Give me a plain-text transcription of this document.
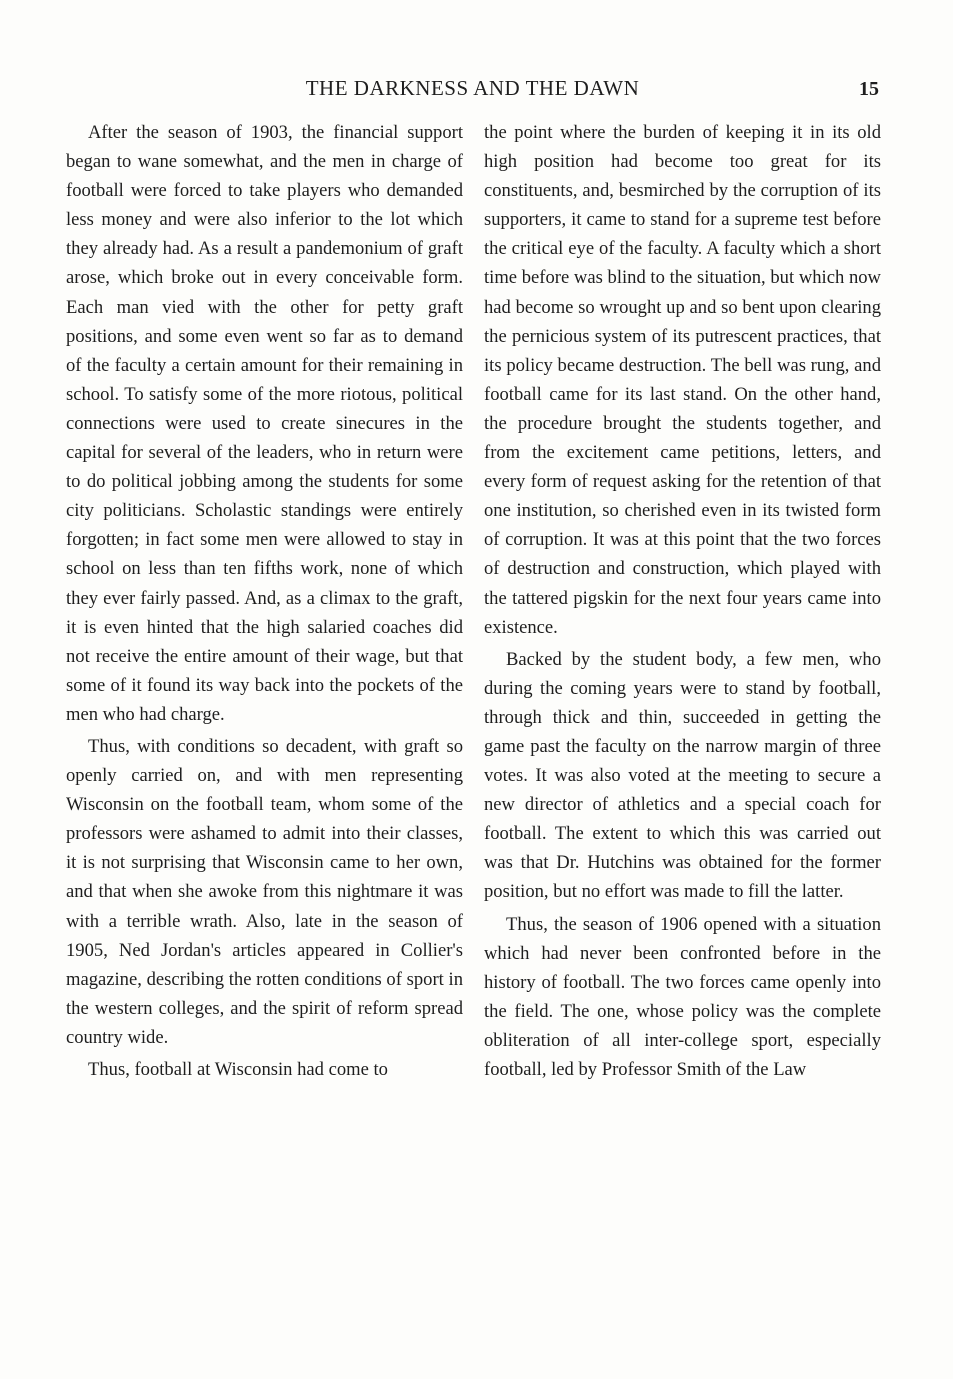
THE DARKNESS AND THE DAWN	15

After the season of 1903, the financial support began to wane somewhat, and the men in charge of football were forced to take players who demanded less money and were also inferior to the lot which they already had. As a result a pandemonium of graft arose, which broke out in every conceivable form. Each man vied with the other for petty graft positions, and some even went so far as to demand of the faculty a certain amount for their remaining in school. To satisfy some of the more riotous, political connections were used to create sinecures in the capital for several of the leaders, who in return were to do political jobbing among the students for some city politicians. Scholastic standings were entirely forgotten; in fact some men were allowed to stay in school on less than ten fifths work, none of which they ever fairly passed. And, as a climax to the graft, it is even hinted that the high salaried coaches did not receive the entire amount of their wage, but that some of it found its way back into the pockets of the men who had charge.

Thus, with conditions so decadent, with graft so openly carried on, and with men representing Wisconsin on the football team, whom some of the professors were ashamed to admit into their classes, it is not surprising that Wisconsin came to her own, and that when she awoke from this nightmare it was with a terrible wrath. Also, late in the season of 1905, Ned Jordan's articles appeared in Collier's magazine, describing the rotten conditions of sport in the western colleges, and the spirit of reform spread country wide.

Thus, football at Wisconsin had come to

the point where the burden of keeping it in its old high position had become too great for its constituents, and, besmirched by the corruption of its supporters, it came to stand for a supreme test before the critical eye of the faculty. A faculty which a short time before was blind to the situation, but which now had become so wrought up and so bent upon clearing the pernicious system of its putrescent practices, that its policy became destruction. The bell was rung, and football came for its last stand. On the other hand, the procedure brought the students together, and from the excitement came petitions, letters, and every form of request asking for the retention of that one institution, so cherished even in its twisted form of corruption. It was at this point that the two forces of destruction and construction, which played with the tattered pigskin for the next four years came into existence.

Backed by the student body, a few men, who during the coming years were to stand by football, through thick and thin, succeeded in getting the game past the faculty on the narrow margin of three votes. It was also voted at the meeting to secure a new director of athletics and a special coach for football. The extent to which this was carried out was that Dr. Hutchins was obtained for the former position, but no effort was made to fill the latter.

Thus, the season of 1906 opened with a situation which had never been confronted before in the history of football. The two forces came openly into the field. The one, whose policy was the complete obliteration of all inter-college sport, especially football, led by Professor Smith of the Law
